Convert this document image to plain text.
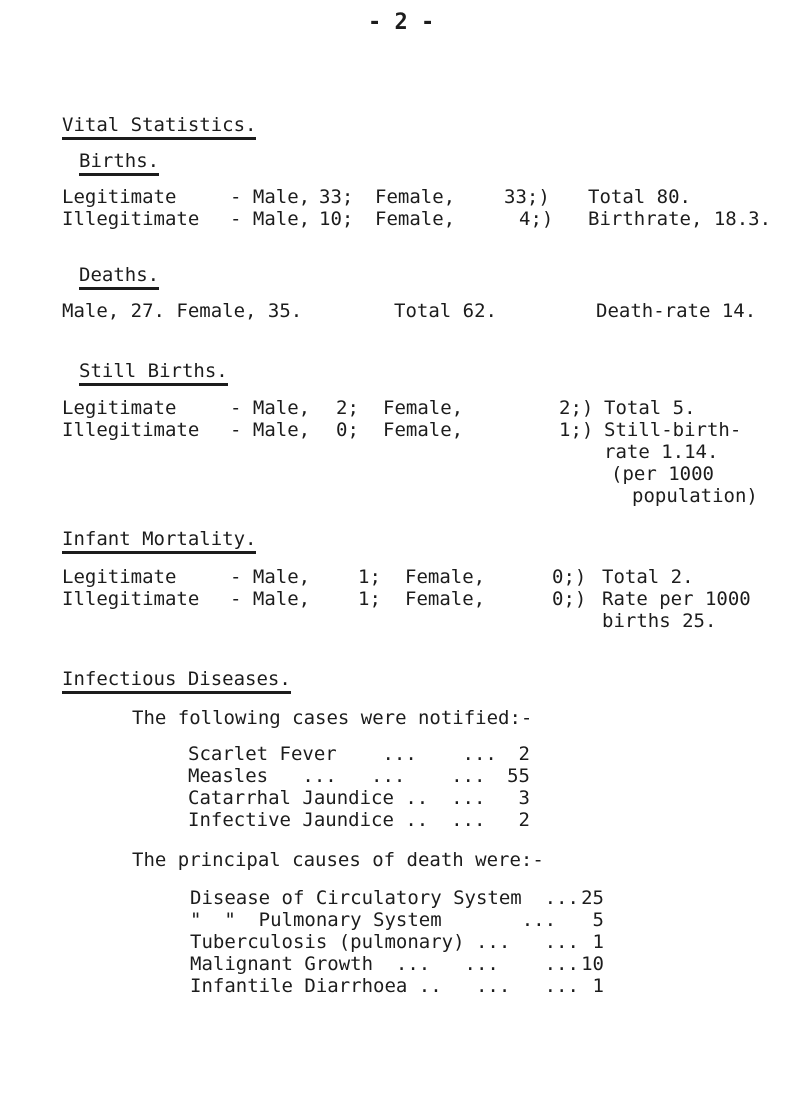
- 2 -
Vital Statistics.
Births.
Legitimate	- Male, 33; Female,	33;) Total 80.
Illegitimate - Male, 10; Female,	4;) Birthrate, 18.3.
Deaths.
Male, 27. Female, 35.	Total 62.	Death-rate 14.
Still Births.
Legitimate	- Male, 2; Female,	2;) Total 5.
Illegitimate - Male, 0; Female,	1;) Still-birth-
rate 1.14.
(per 1000
population)
Infant Mortality.
Legitimate	- Male,	1; Female,	0;) Total 2.
Illegitimate - Male,	1; Female,	0;) Rate per 1000
births 25.
Infectious Diseases.
The following cases were notified:-
Scarlet Fever    ...    ...	2
Measles   ...   ...    ...	55
Catarrhal Jaundice ..  ...	3
Infective Jaundice ..  ...	2
The principal causes of death were:-
Disease of Circulatory System  ... 25
"  "  Pulmonary System       ...	5
Tuberculosis (pulmonary) ...   ... 1
Malignant Growth  ...   ...    ... 10
Infantile Diarrhoea ..   ...   ... 1
